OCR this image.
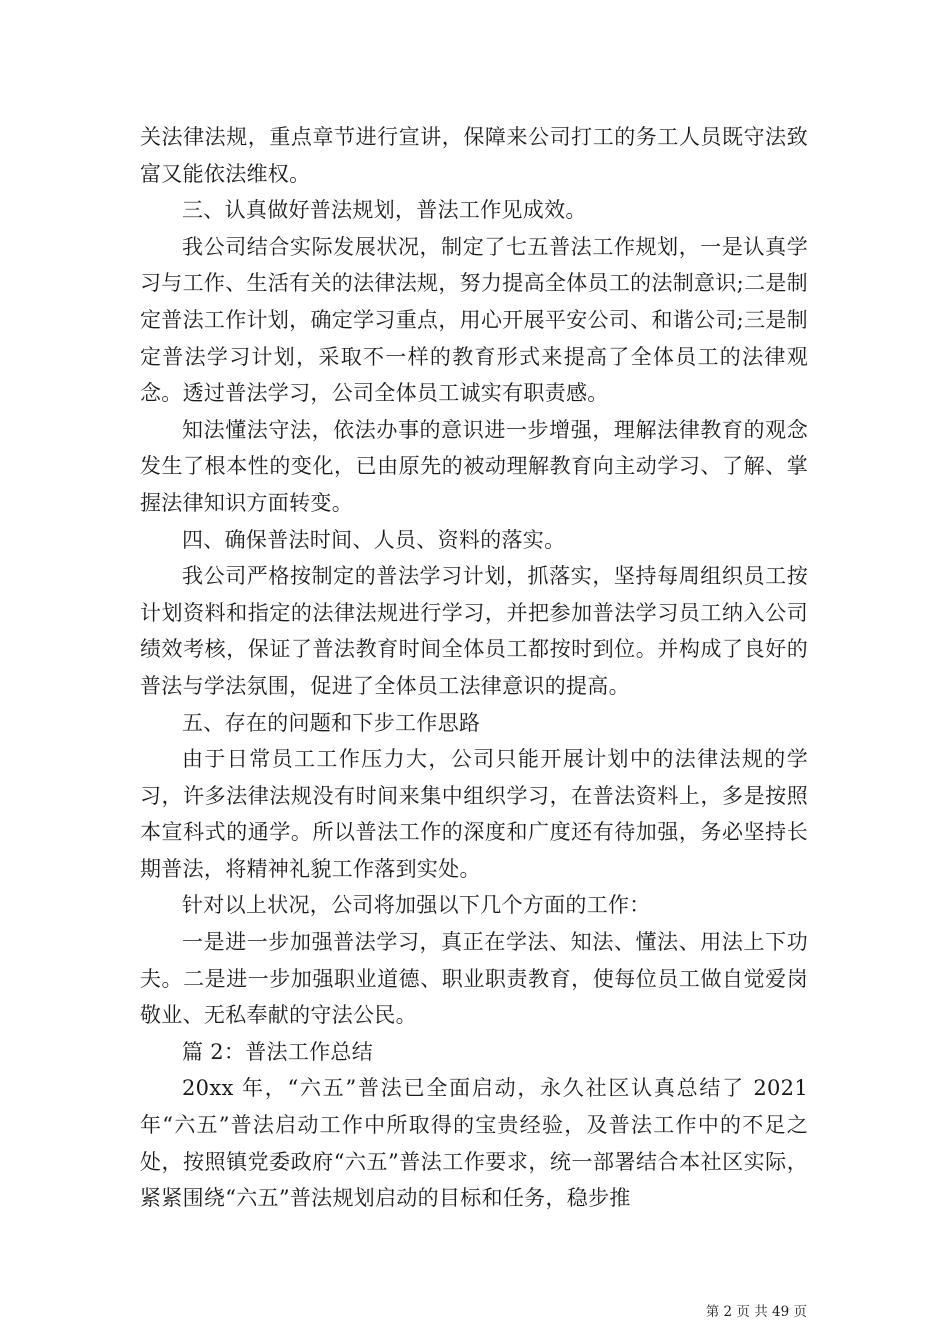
关法律法规，重点章节进行宣讲，保障来公司打工的务工人员既守法致富又能依法维权。

三、认真做好普法规划，普法工作见成效。

我公司结合实际发展状况，制定了七五普法工作规划，一是认真学习与工作、生活有关的法律法规，努力提高全体员工的法制意识;二是制定普法工作计划，确定学习重点，用心开展平安公司、和谐公司;三是制定普法学习计划，采取不一样的教育形式来提高了全体员工的法律观念。透过普法学习，公司全体员工诚实有职责感。

知法懂法守法，依法办事的意识进一步增强，理解法律教育的观念发生了根本性的变化，已由原先的被动理解教育向主动学习、了解、掌握法律知识方面转变。

四、确保普法时间、人员、资料的落实。

我公司严格按制定的普法学习计划，抓落实，坚持每周组织员工按计划资料和指定的法律法规进行学习，并把参加普法学习员工纳入公司绩效考核，保证了普法教育时间全体员工都按时到位。并构成了良好的普法与学法氛围，促进了全体员工法律意识的提高。

五、存在的问题和下步工作思路

由于日常员工工作压力大，公司只能开展计划中的法律法规的学习，许多法律法规没有时间来集中组织学习，在普法资料上，多是按照本宣科式的通学。所以普法工作的深度和广度还有待加强，务必坚持长期普法，将精神礼貌工作落到实处。

针对以上状况，公司将加强以下几个方面的工作：

一是进一步加强普法学习，真正在学法、知法、懂法、用法上下功夫。二是进一步加强职业道德、职业职责教育，使每位员工做自觉爱岗敬业、无私奉献的守法公民。

篇 2：普法工作总结

20xx 年，“六五”普法已全面启动，永久社区认真总结了 2021 年“六五”普法启动工作中所取得的宝贵经验，及普法工作中的不足之处，按照镇党委政府“六五”普法工作要求，统一部署结合本社区实际，紧紧围绕“六五”普法规划启动的目标和任务，稳步推

第 2 页 共 49 页
